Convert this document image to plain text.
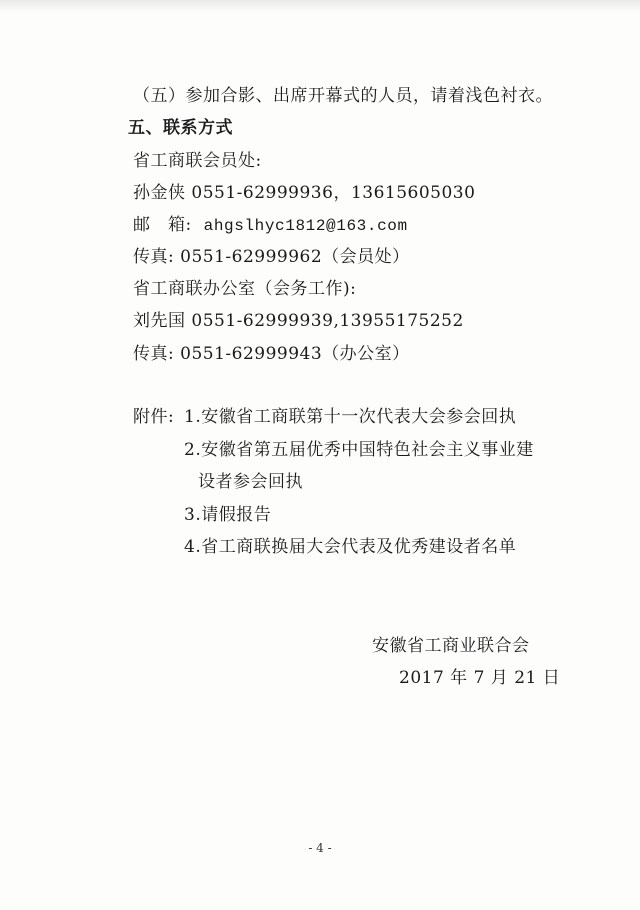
（五）参加合影、出席开幕式的人员，请着浅色衬衣。
五、联系方式
省工商联会员处:
孙金侠 0551-62999936，13615605030
邮　箱: ahgslhyc1812@163.com
传真: 0551-62999962（会员处）
省工商联办公室（会务工作):
刘先国 0551-62999939,13955175252
传真: 0551-62999943（办公室）
附件: 1.安徽省工商联第十一次代表大会参会回执
2.安徽省第五届优秀中国特色社会主义事业建
设者参会回执
3.请假报告
4.省工商联换届大会代表及优秀建设者名单
安徽省工商业联合会
2017 年 7 月 21 日
- 4 -
